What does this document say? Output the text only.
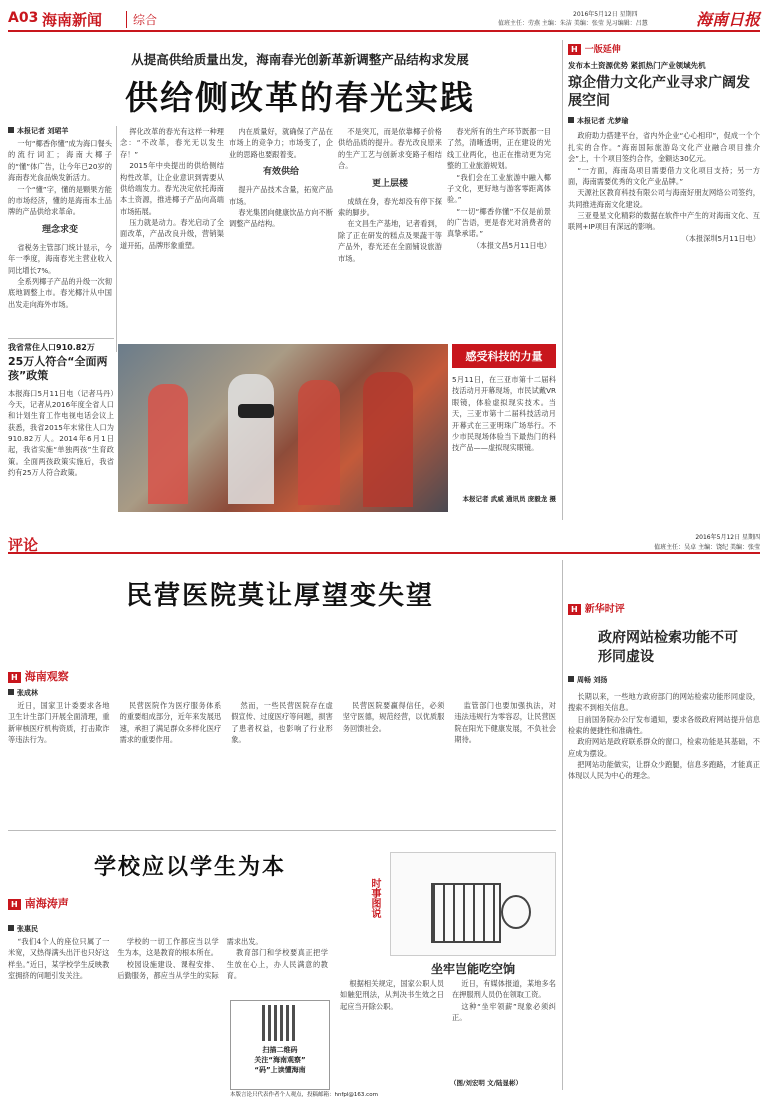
A03 海南新闻	综合	2016年5月12日 星期四
值班主任：劳燕 主编：朱洁 美编：张莹 见习编辑：吕慧	海南日报
从提高供给质量出发，海南春光创新革新调整产品结构求发展
供给侧改革的春光实践
本报记者 刘珺羊

一句“椰香你懂”成为海口餐头的流行词汇；海南大椰子的“懂”体广告，让今年已20岁的海南春光食品焕发新活力。

一个“懂”字，懂的是颗果方能的市场经济，懂的是海南本土品牌的产品供给求革命。

理念求变

省税务主管部门统计显示，今年一季度，海南春光主营业收入同比增长7%。

全系列椰子产品的升级一次彻底地调整上市。春光椰汁从中国出发走向海外市场。

挥化改革的春光有这样一种理念：“不改革，春光无以发生存！”

2015年中央提出的供给侧结构性改革，让企业意识到需要从供给端发力。春光决定依托海南本土资源，推进椰子产品向高端市场拓展。

压力就是动力。春光启动了全面改革，产品改良升级，营销渠道开拓，品牌形象重塑。

内在质量好，就确保了产品在市场上的竞争力；市场变了，企业的思路也要跟着变。

有效供给

提升产品技术含量，拓宽产品市场。

春光集团向健康饮品方向不断调整产品结构。

不是突兀，而是依靠椰子价格供给品质的提升。春光改良原来的生产工艺与创新求变路子相结合。

更上层楼

成绩在身，春光却没有停下探索的脚步。

在文昌生产基地，记者看到，除了正在研发的糕点及果蔬干等产品外，春光还在全面铺设旅游市场。

春光所有的生产环节既都一目了然，清晰透明，正在建设的光线工业两化，也正在推动更为完整的工业旅游规划。

“我们会在工业旅游中融入椰子文化，更好地与游客零距离体验。”

“一切“椰香你懂”不仅是前景的广告语，更是春光对消费者的真挚承诺。”

（本报文昌5月11日电）

感受科技的力量
5月11日，在三亚市第十二届科技活动月开幕现场，市民试戴VR眼镜，体验虚拟现实技术。当天，三亚市第十二届科技活动月开幕式在三亚明珠广场举行。不少市民现场体验当下最热门的科技产品——虚拟现实眼镜。
本报记者 武威 通讯员 庞毅龙 摄
我省常住人口910.82万
25万人符合“全面两孩”政策
本报海口5月11日电（记者马丹）今天，记者从2016年度全省人口和计划生育工作电视电话会议上获悉，我省2015年末常住人口为910.82万人。2014年6月1日起，我省实施“单独两孩”生育政策。全面两孩政策实施后，我省约有25万人符合政策。
H 一版延伸
发布本土资源优势 紧抓热门产业领域先机
琼企借力文化产业寻求广阔发展空间
本报记者 尤梦瑜

政府助力搭建平台，省内外企业“心心相印”，促成一个个扎实的合作。“海南国际旅游岛文化产业融合项目推介会”上，十个项目签约合作，金额达30亿元。

“一方面，海南岛项目需要借力文化项目支持；另一方面，海南需要优秀的文化产业品牌。”

天源社区教育科技有限公司与海南好朋友网络公司签约，共同推进海南文化建设。

三亚曼星文化精彩的数据在软件中产生的对海南文化、互联网+IP项目有深远的影响。

（本报深圳5月11日电）

评论	2016年5月12日 星期四
值班主任：吴卓 主编：饶纪 美编：张莹
民营医院莫让厚望变失望
H 海南观察
张成林

近日，国家卫计委要求各地卫生计生部门开展全面清理，重新审核医疗机构资质，打击欺诈等违法行为。

民营医院作为医疗服务体系的重要组成部分，近年来发展迅速，承担了满足群众多样化医疗需求的重要作用。

然而，一些民营医院存在虚假宣传、过度医疗等问题，损害了患者权益，也影响了行业形象。

民营医院要赢得信任，必须坚守医德，规范经营，以优质服务回馈社会。

监管部门也要加强执法，对违法违规行为零容忍，让民营医院在阳光下健康发展，不负社会期待。

学校应以学生为本
H 南海涛声
张惠民

“我们4个人的座位只属了一米宽，又热得满头出汗也只好这样坐。”近日，某学校学生反映教室拥挤的问题引发关注。

学校的一切工作都应当以学生为本，这是教育的根本所在。

校园设施建设、课程安排、后勤服务，都应当从学生的实际需求出发。

教育部门和学校要真正把学生放在心上，办人民满意的教育。

扫描二维码
关注“海南观察”
“码”上读懂海南
时事图说
坐牢岂能吃空饷

根据相关规定，国家公职人员如触犯刑法，从判决书生效之日起应当开除公职。

近日，有媒体报道，某地多名在押服刑人员仍在领取工资。

这种“坐牢领薪”现象必须纠正。

（图/刘宏明 文/陆显彬）
本版言论只代表作者个人观点，投稿邮箱：hnfpl@163.com
H 新华时评
政府网站检索功能不可形同虚设
周畅 刘扬

长期以来，一些地方政府部门的网站检索功能形同虚设，搜索不到相关信息。

日前国务院办公厅发布通知，要求各级政府网站提升信息检索的便捷性和准确性。

政府网站是政府联系群众的窗口，检索功能是其基础，不应成为摆设。

把网站功能做实，让群众少跑腿，信息多跑路，才能真正体现以人民为中心的理念。
